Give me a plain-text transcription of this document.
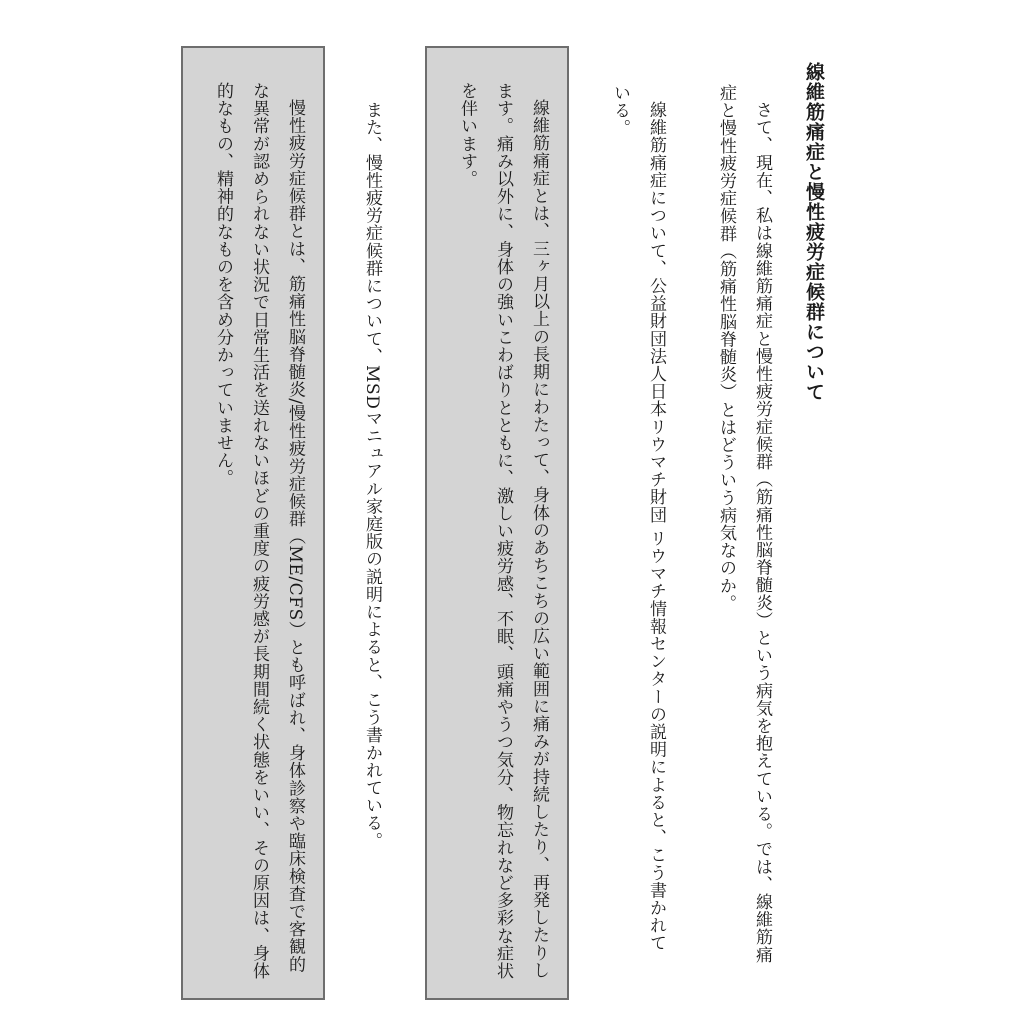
線維筋痛症と慢性疲労症候群について
さて、現在、私は線維筋痛症と慢性疲労症候群（筋痛性脳脊髄炎）という病気を抱えている。では、線維筋痛症と慢性疲労症候群（筋痛性脳脊髄炎）とはどういう病気なのか。
線維筋痛症について、公益財団法人日本リウマチ財団 リウマチ情報センターの説明によると、こう書かれている。
線維筋痛症とは、三ヶ月以上の長期にわたって、身体のあちこちの広い範囲に痛みが持続したり、再発したりします。痛み以外に、身体の強いこわばりとともに、激しい疲労感、不眠、頭痛やうつ気分、物忘れなど多彩な症状を伴います。
また、慢性疲労症候群について、MSDマニュアル家庭版の説明によると、こう書かれている。
慢性疲労症候群とは、筋痛性脳脊髄炎/慢性疲労症候群（ME/CFS）とも呼ばれ、身体診察や臨床検査で客観的な異常が認められない状況で日常生活を送れないほどの重度の疲労感が長期間続く状態をいい、その原因は、身体的なもの、精神的なものを含め分かっていません。
